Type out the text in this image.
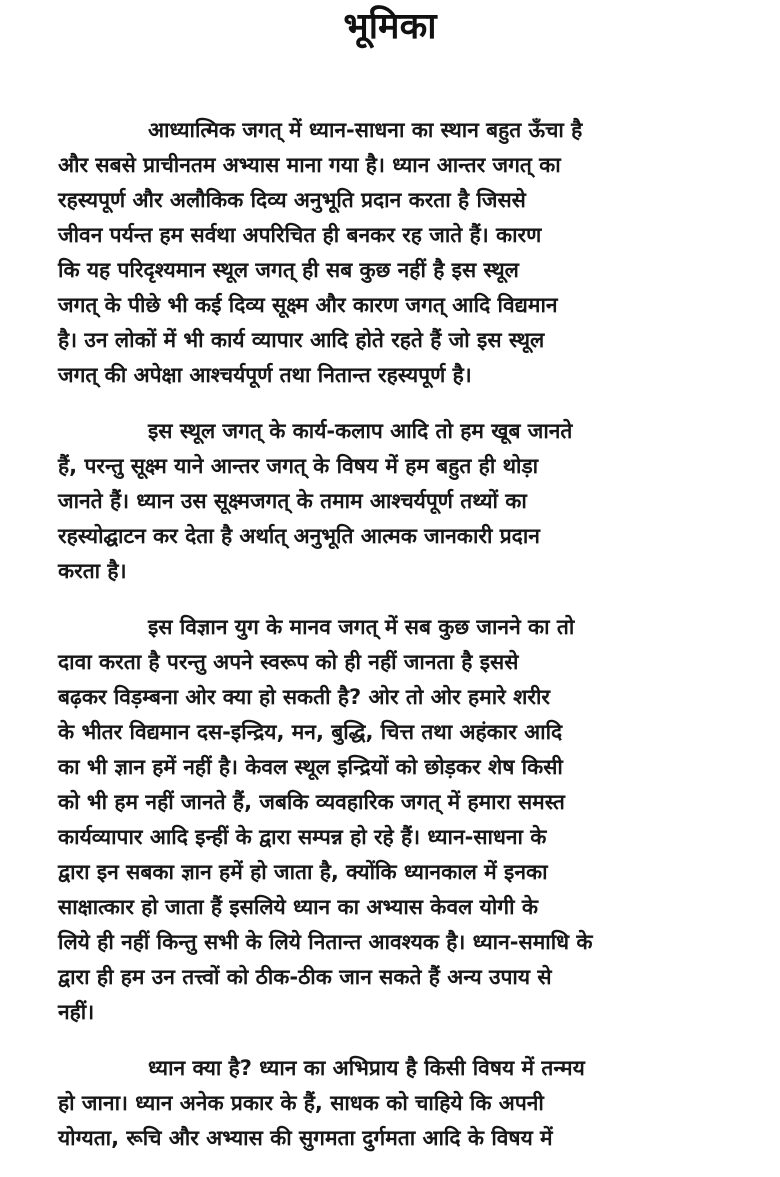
भूमिका
आध्यात्मिक जगत् में ध्यान-साधना का स्थान बहुत ऊँचा है
और सबसे प्राचीनतम अभ्यास माना गया है। ध्यान आन्तर जगत् का
रहस्यपूर्ण और अलौकिक दिव्य अनुभूति प्रदान करता है जिससे
जीवन पर्यन्त हम सर्वथा अपरिचित ही बनकर रह जाते हैं। कारण
कि यह परिदृश्यमान स्थूल जगत् ही सब कुछ नहीं है इस स्थूल
जगत् के पीछे भी कई दिव्य सूक्ष्म और कारण जगत् आदि विद्यमान
है। उन लोकों में भी कार्य व्यापार आदि होते रहते हैं जो इस स्थूल
जगत् की अपेक्षा आश्चर्यपूर्ण तथा नितान्त रहस्यपूर्ण है।
इस स्थूल जगत् के कार्य-कलाप आदि तो हम खूब जानते
हैं, परन्तु सूक्ष्म याने आन्तर जगत् के विषय में हम बहुत ही थोड़ा
जानते हैं। ध्यान उस सूक्ष्मजगत् के तमाम आश्चर्यपूर्ण तथ्यों का
रहस्योद्घाटन कर देता है अर्थात् अनुभूति आत्मक जानकारी प्रदान
करता है।
इस विज्ञान युग के मानव जगत् में सब कुछ जानने का तो
दावा करता है परन्तु अपने स्वरूप को ही नहीं जानता है इससे
बढ़कर विड़म्बना ओर क्या हो सकती है? ओर तो ओर हमारे शरीर
के भीतर विद्यमान दस-इन्द्रिय, मन, बुद्धि, चित्त तथा अहंकार आदि
का भी ज्ञान हमें नहीं है। केवल स्थूल इन्द्रियों को छोड़कर शेष किसी
को भी हम नहीं जानते हैं, जबकि व्यवहारिक जगत् में हमारा समस्त
कार्यव्यापार आदि इन्हीं के द्वारा सम्पन्न हो रहे हैं। ध्यान-साधना के
द्वारा इन सबका ज्ञान हमें हो जाता है, क्योंकि ध्यानकाल में इनका
साक्षात्कार हो जाता हैं इसलिये ध्यान का अभ्यास केवल योगी के
लिये ही नहीं किन्तु सभी के लिये नितान्त आवश्यक है। ध्यान-समाधि के
द्वारा ही हम उन तत्त्वों को ठीक-ठीक जान सकते हैं अन्य उपाय से
नहीं।
ध्यान क्या है? ध्यान का अभिप्राय है किसी विषय में तन्मय
हो जाना। ध्यान अनेक प्रकार के हैं, साधक को चाहिये कि अपनी
योग्यता, रूचि और अभ्यास की सुगमता दुर्गमता आदि के विषय में
